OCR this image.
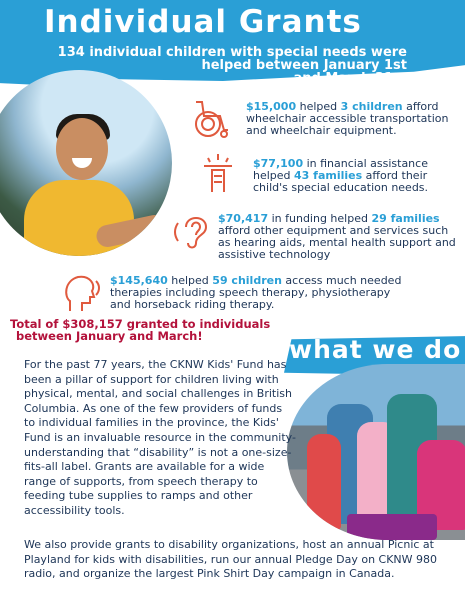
Individual Grants
134 individual children with special needs were
helped between January 1st
and March 31st
$15,000 helped 3 children afford wheelchair accessible transportation and wheelchair equipment.
$77,100 in financial assistance helped 43 families afford their child's special education needs.
$70,417 in funding helped 29 families afford other equipment and services such as hearing aids, mental health support and assistive technology
$145,640 helped 59 children access much needed therapies including speech therapy, physiotherapy and horseback riding therapy.
Total of $308,157 granted to individuals
between January and March!	what we do
For the past 77 years, the CKNW Kids' Fund has been a pillar of support for children living with physical, mental, and social challenges in British Columbia. As one of the few providers of funds to individual families in the province, the Kids' Fund is an invaluable resource in the community-understanding that “disability” is not a one-size-fits-all label. Grants are available for a wide range of supports, from speech therapy to feeding tube supplies to ramps and other accessibility tools.
We also provide grants to disability organizations, host an annual Picnic at Playland for kids with disabilities, run our annual Pledge Day on CKNW 980 radio, and organize the largest Pink Shirt Day campaign in Canada.
